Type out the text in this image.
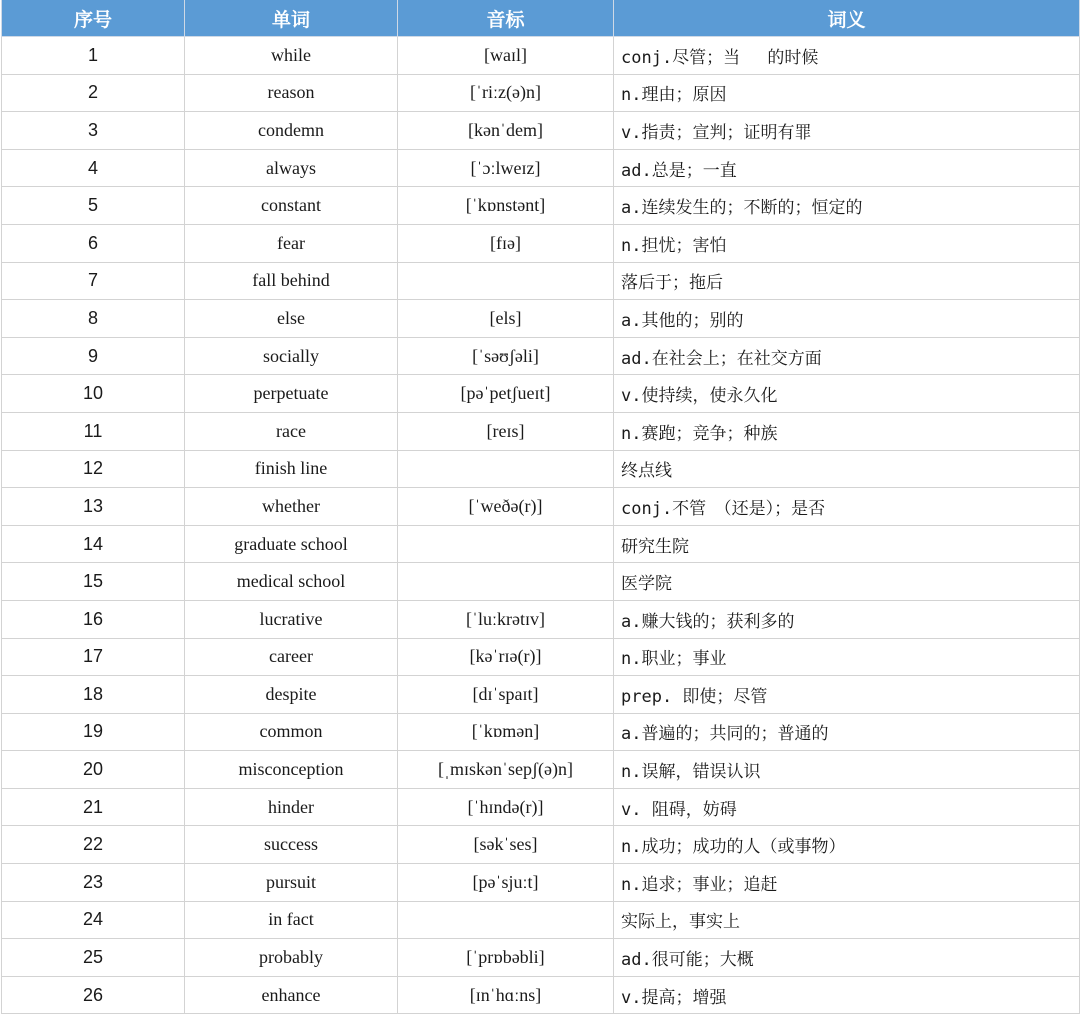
序号	单词	音标	词义
1	while	[waɪl]	conj.尽管；当　 的时候
2	reason	[ˈriːz(ə)n]	n.理由；原因
3	condemn	[kənˈdem]	v.指责；宣判；证明有罪
4	always	[ˈɔːlweɪz]	ad.总是；一直
5	constant	[ˈkɒnstənt]	a.连续发生的；不断的；恒定的
6	fear	[fɪə]	n.担忧；害怕
7	fall behind		落后于；拖后
8	else	[els]	a.其他的；别的
9	socially	[ˈsəʊʃəli]	ad.在社会上；在社交方面
10	perpetuate	[pəˈpetʃueɪt]	v.使持续，使永久化
11	race	[reɪs]	n.赛跑；竞争；种族
12	finish line		终点线
13	whether	[ˈweðə(r)]	conj.不管　（还是）；是否
14	graduate school		研究生院
15	medical school		医学院
16	lucrative	[ˈluːkrətɪv]	a.赚大钱的；获利多的
17	career	[kəˈrɪə(r)]	n.职业；事业
18	despite	[dɪˈspaɪt]	prep. 即使；尽管
19	common	[ˈkɒmən]	a.普遍的；共同的；普通的
20	misconception	[ˌmɪskənˈsepʃ(ə)n]	n.误解，错误认识
21	hinder	[ˈhɪndə(r)]	v. 阻碍，妨碍
22	success	[səkˈses]	n.成功；成功的人（或事物）
23	pursuit	[pəˈsjuːt]	n.追求；事业；追赶
24	in fact		实际上，事实上
25	probably	[ˈprɒbəbli]	ad.很可能；大概
26	enhance	[ɪnˈhɑːns]	v.提高；增强
